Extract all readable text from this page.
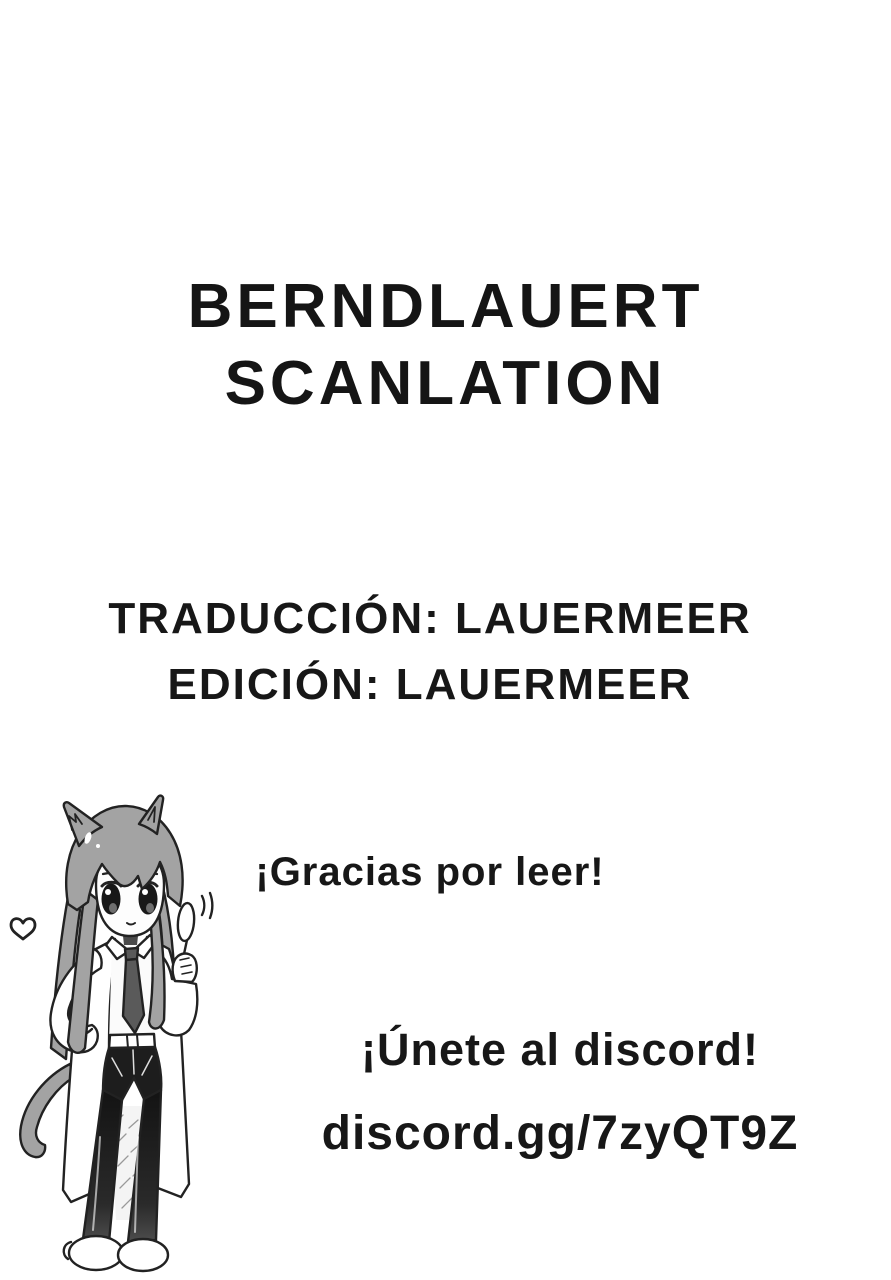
BERNDLAUERT
SCANLATION
TRADUCCIÓN: LAUERMEER
EDICIÓN: LAUERMEER
¡Gracias por leer!
¡Únete al discord!
discord.gg/7zyQT9Z
